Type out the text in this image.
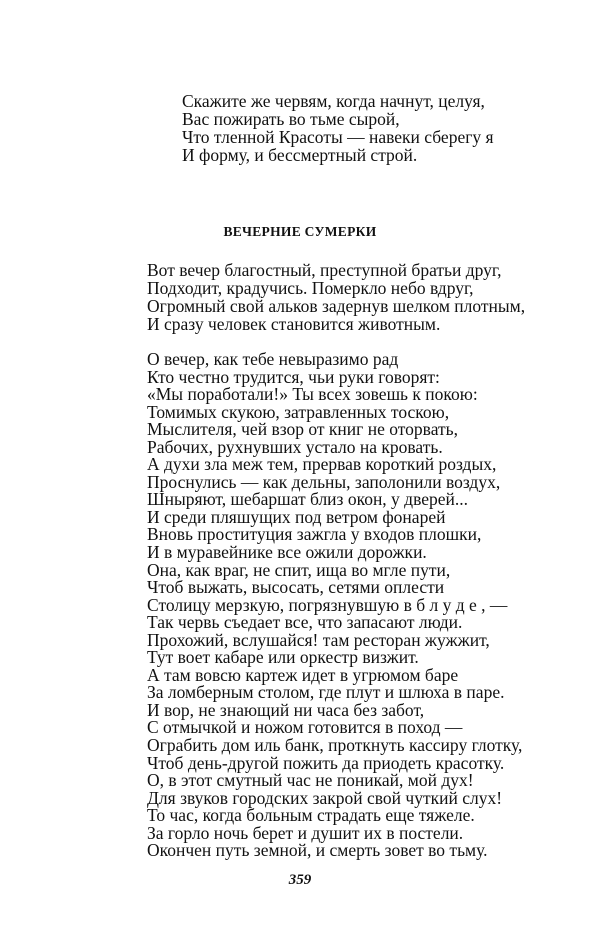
Скажите же червям, когда начнут, целуя,
Вас пожирать во тьме сырой,
Что тленной Красоты — навеки сберегу я
И форму, и бессмертный строй.
ВЕЧЕРНИЕ СУМЕРКИ
Вот вечер благостный, преступной братьи друг,
Подходит, крадучись. Померкло небо вдруг,
Огромный свой альков задернув шелком плотным,
И сразу человек становится животным.
О вечер, как тебе невыразимо рад
Кто честно трудится, чьи руки говорят:
«Мы поработали!» Ты всех зовешь к покою:
Томимых скукою, затравленных тоскою,
Мыслителя, чей взор от книг не оторвать,
Рабочих, рухнувших устало на кровать.
А духи зла меж тем, прервав короткий роздых,
Проснулись — как дельны, заполонили воздух,
Шныряют, шебаршат близ окон, у дверей...
И среди пляшущих под ветром фонарей
Вновь проституция зажгла у входов плошки,
И в муравейнике все ожили дорожки.
Она, как враг, не спит, ища во мгле пути,
Чтоб выжать, высосать, сетями оплести
Столицу мерзкую, погрязнувшую в б л у д е , —
Так червь съедает все, что запасают люди.
Прохожий, вслушайся! там ресторан жужжит,
Тут воет кабаре или оркестр визжит.
А там вовсю картеж идет в угрюмом баре
За ломберным столом, где плут и шлюха в паре.
И вор, не знающий ни часа без забот,
С отмычкой и ножом готовится в поход —
Ограбить дом иль банк, проткнуть кассиру глотку,
Чтоб день-другой пожить да приодеть красотку.
О, в этот смутный час не поникай, мой дух!
Для звуков городских закрой свой чуткий слух!
То час, когда больным страдать еще тяжеле.
За горло ночь берет и душит их в постели.
Окончен путь земной, и смерть зовет во тьму.
359
